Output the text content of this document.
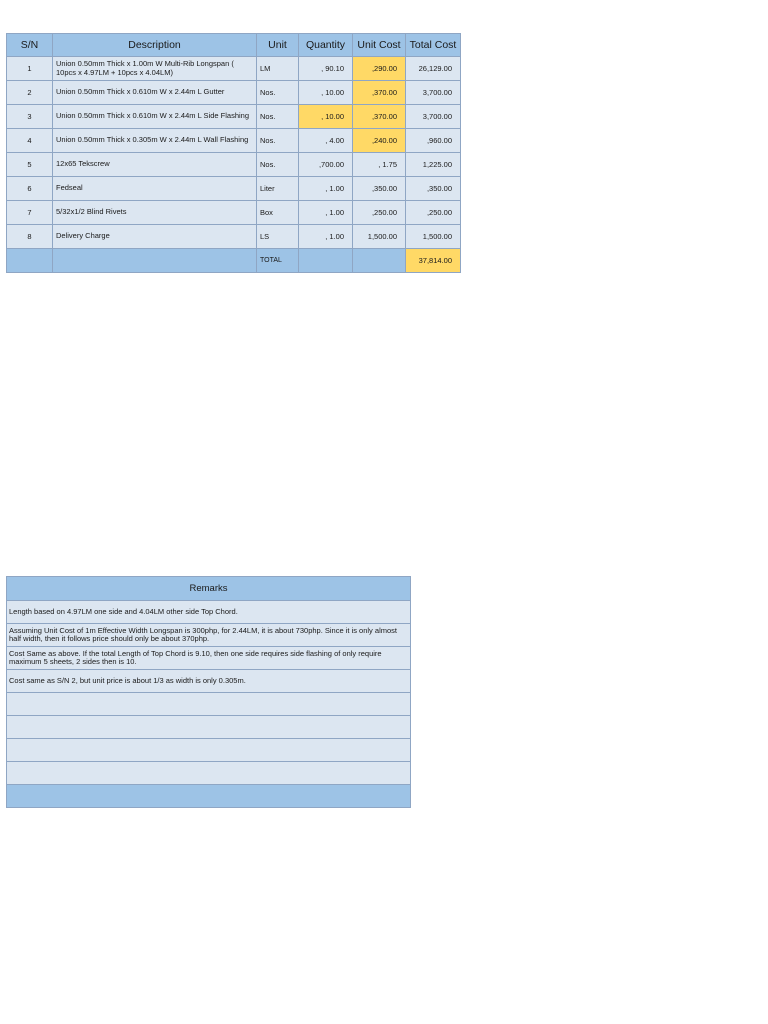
S/N	Description	Unit	Quantity	Unit Cost	Total Cost
1	Union 0.50mm Thick x 1.00m W Multi-Rib Longspan ( 10pcs x 4.97LM + 10pcs x 4.04LM)	LM	, 90.10	,290.00	26,129.00
2	Union 0.50mm Thick x 0.610m W x 2.44m L Gutter	Nos.	, 10.00	,370.00	3,700.00
3	Union 0.50mm Thick x 0.610m W x 2.44m L Side Flashing	Nos.	, 10.00	,370.00	3,700.00
4	Union 0.50mm Thick x 0.305m W x 2.44m L Wall Flashing	Nos.	, 4.00	,240.00	,960.00
5	12x65 Tekscrew	Nos.	,700.00	, 1.75	1,225.00
6	Fedseal	Liter	, 1.00	,350.00	,350.00
7	5/32x1/2 Blind Rivets	Box	, 1.00	,250.00	,250.00
8	Delivery Charge	LS	, 1.00	1,500.00	1,500.00
		TOTAL			37,814.00
Remarks
Length based on 4.97LM one side and 4.04LM other side Top Chord.
Assuming Unit Cost of 1m Effective Width Longspan is 300php, for 2.44LM, it is about 730php. Since it is only almost half width, then it follows price should only be about 370php.
Cost Same as above. If the total Length of Top Chord is 9.10, then one side requires side flashing of only require maximum 5 sheets, 2 sides then is 10.
Cost same as S/N 2, but unit price is about 1/3 as width is only 0.305m.
